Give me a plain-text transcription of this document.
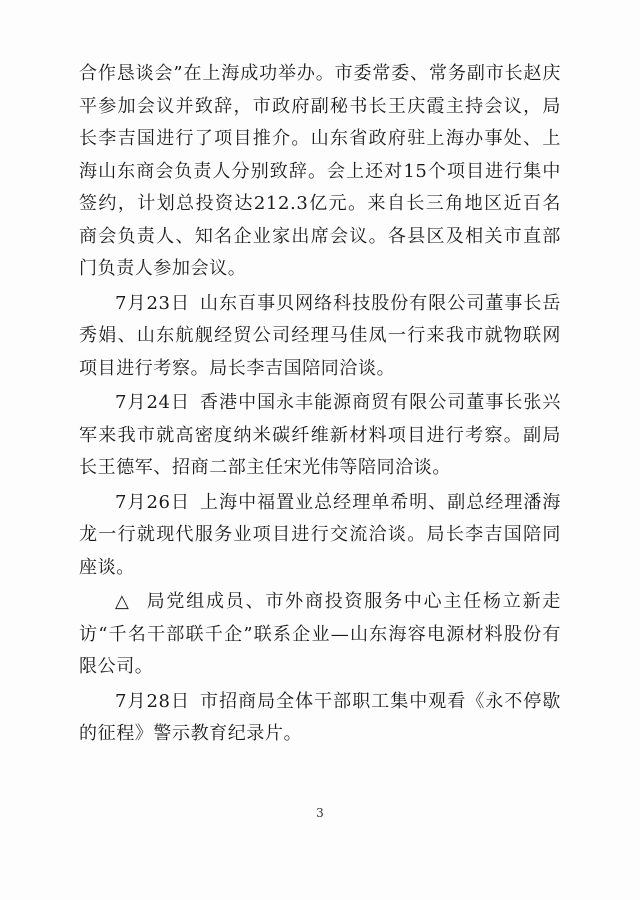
合作恳谈会”在上海成功举办。市委常委、常务副市长赵庆平参加会议并致辞，市政府副秘书长王庆霞主持会议，局长李吉国进行了项目推介。山东省政府驻上海办事处、上海山东商会负责人分别致辞。会上还对15个项目进行集中签约，计划总投资达212.3亿元。来自长三角地区近百名商会负责人、知名企业家出席会议。各县区及相关市直部门负责人参加会议。

7月23日 山东百事贝网络科技股份有限公司董事长岳秀娟、山东航舰经贸公司经理马佳凤一行来我市就物联网项目进行考察。局长李吉国陪同洽谈。

7月24日 香港中国永丰能源商贸有限公司董事长张兴军来我市就高密度纳米碳纤维新材料项目进行考察。副局长王德军、招商二部主任宋光伟等陪同洽谈。

7月26日 上海中福置业总经理单希明、副总经理潘海龙一行就现代服务业项目进行交流洽谈。局长李吉国陪同座谈。

△ 局党组成员、市外商投资服务中心主任杨立新走访“千名干部联千企”联系企业—山东海容电源材料股份有限公司。

7月28日 市招商局全体干部职工集中观看《永不停歇的征程》警示教育纪录片。

3
